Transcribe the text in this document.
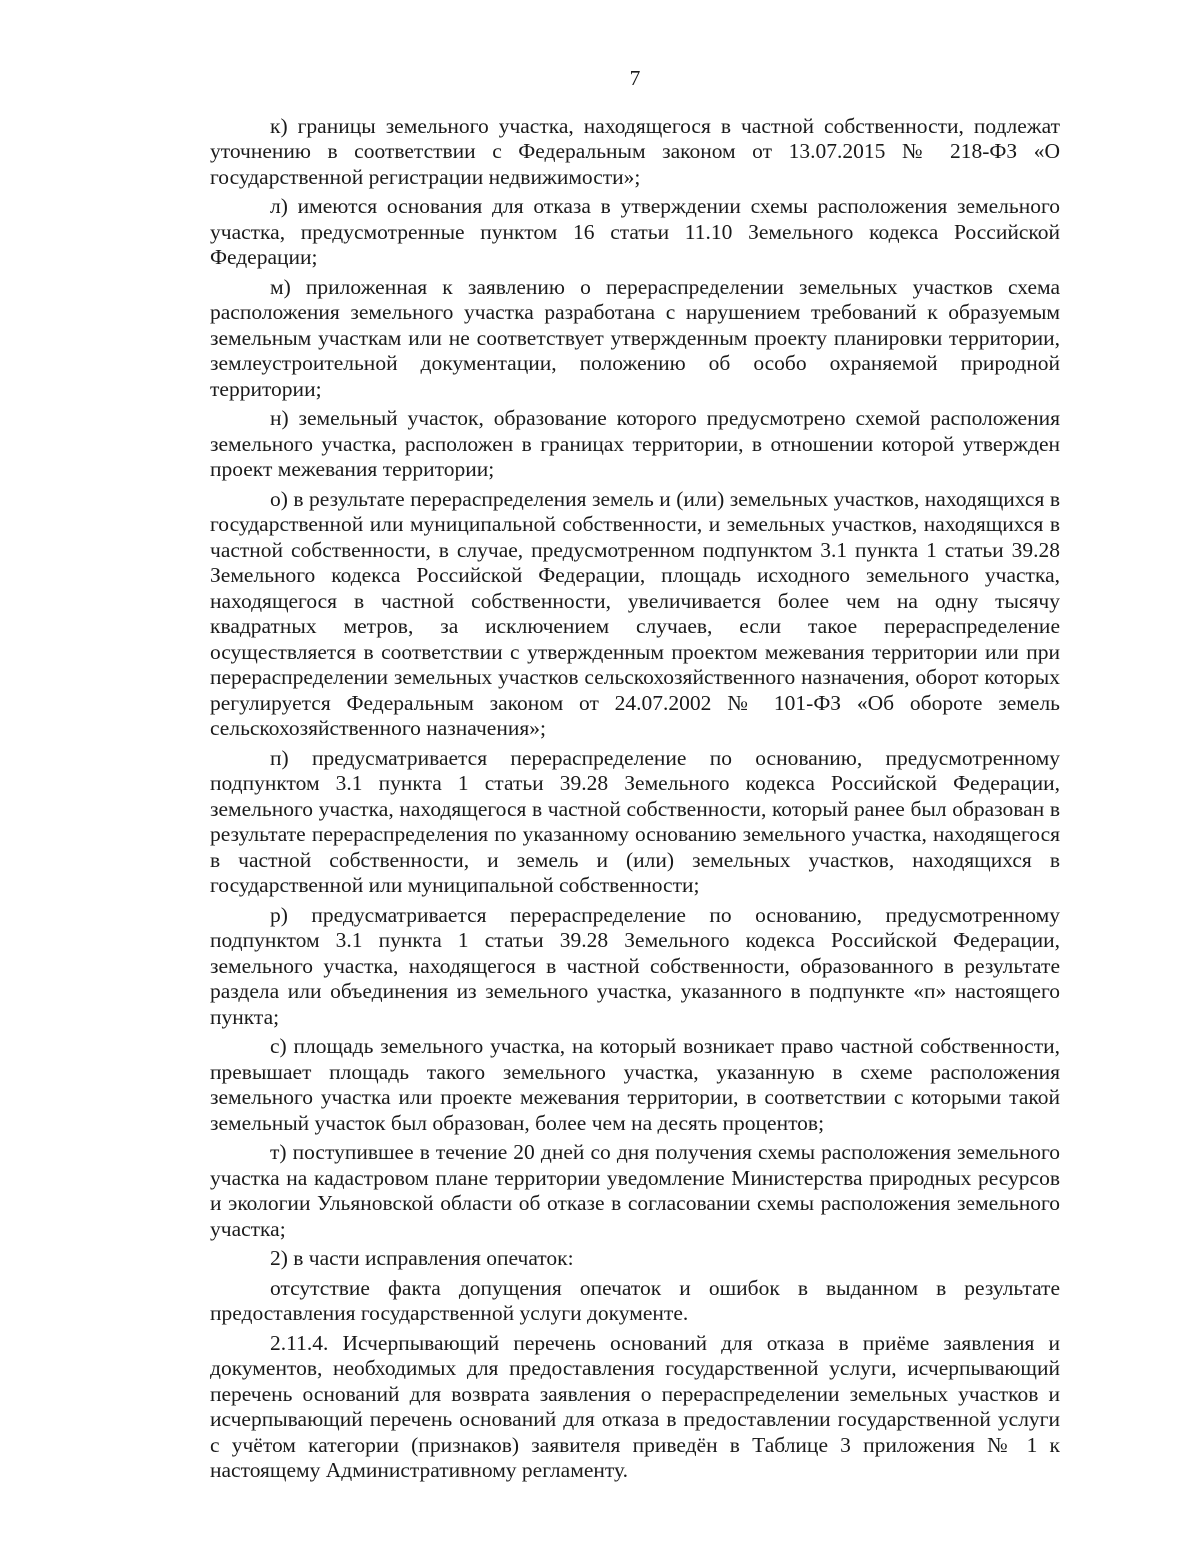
7

к) границы земельного участка, находящегося в частной собственности, подлежат уточнению в соответствии с Федеральным законом от 13.07.2015 № 218-ФЗ «О государственной регистрации недвижимости»;

л) имеются основания для отказа в утверждении схемы расположения земельного участка, предусмотренные пунктом 16 статьи 11.10 Земельного кодекса Российской Федерации;

м) приложенная к заявлению о перераспределении земельных участков схема расположения земельного участка разработана с нарушением требований к образуемым земельным участкам или не соответствует утвержденным проекту планировки территории, землеустроительной документации, положению об особо охраняемой природной территории;

н) земельный участок, образование которого предусмотрено схемой расположения земельного участка, расположен в границах территории, в отношении которой утвержден проект межевания территории;

о) в результате перераспределения земель и (или) земельных участков, находящихся в государственной или муниципальной собственности, и земельных участков, находящихся в частной собственности, в случае, предусмотренном подпунктом 3.1 пункта 1 статьи 39.28 Земельного кодекса Российской Федерации, площадь исходного земельного участка, находящегося в частной собственности, увеличивается более чем на одну тысячу квадратных метров, за исключением случаев, если такое перераспределение осуществляется в соответствии с утвержденным проектом межевания территории или при перераспределении земельных участков сельскохозяйственного назначения, оборот которых регулируется Федеральным законом от 24.07.2002 № 101-ФЗ «Об обороте земель сельскохозяйственного назначения»;

п) предусматривается перераспределение по основанию, предусмотренному подпунктом 3.1 пункта 1 статьи 39.28 Земельного кодекса Российской Федерации, земельного участка, находящегося в частной собственности, который ранее был образован в результате перераспределения по указанному основанию земельного участка, находящегося в частной собственности, и земель и (или) земельных участков, находящихся в государственной или муниципальной собственности;

р) предусматривается перераспределение по основанию, предусмотренному подпунктом 3.1 пункта 1 статьи 39.28 Земельного кодекса Российской Федерации, земельного участка, находящегося в частной собственности, образованного в результате раздела или объединения из земельного участка, указанного в подпункте «п» настоящего пункта;

с) площадь земельного участка, на который возникает право частной собственности, превышает площадь такого земельного участка, указанную в схеме расположения земельного участка или проекте межевания территории, в соответствии с которыми такой земельный участок был образован, более чем на десять процентов;

т) поступившее в течение 20 дней со дня получения схемы расположения земельного участка на кадастровом плане территории уведомление Министерства природных ресурсов и экологии Ульяновской области об отказе в согласовании схемы расположения земельного участка;

2) в части исправления опечаток:

отсутствие факта допущения опечаток и ошибок в выданном в результате предоставления государственной услуги документе.

2.11.4. Исчерпывающий перечень оснований для отказа в приёме заявления и документов, необходимых для предоставления государственной услуги, исчерпывающий перечень оснований для возврата заявления о перераспределении земельных участков и исчерпывающий перечень оснований для отказа в предоставлении государственной услуги с учётом категории (признаков) заявителя приведён в Таблице 3 приложения № 1 к настоящему Административному регламенту.
